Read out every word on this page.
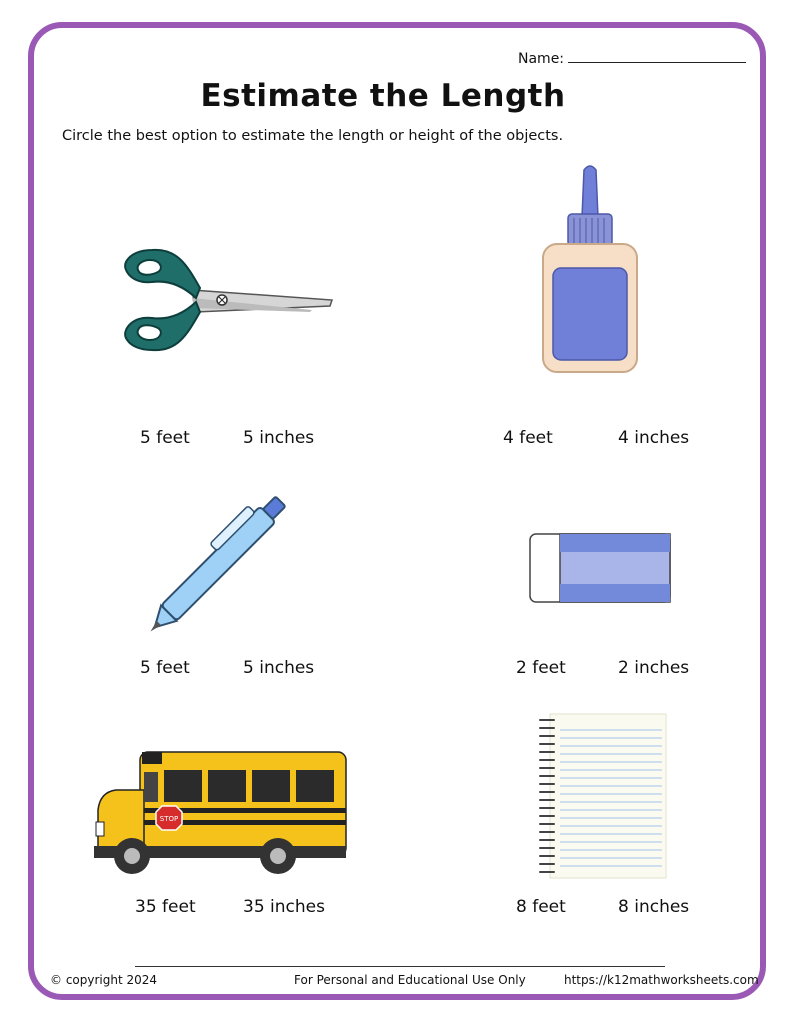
Name:
Estimate the Length
Circle the best option to estimate the length or height of the objects.
STOP
5 feet	5 inches	4 feet	4 inches
5 feet	5 inches	2 feet	2 inches
35 feet	35 inches	8 feet	8 inches
© copyright 2024	For Personal and Educational Use Only	https://k12mathworksheets.com
